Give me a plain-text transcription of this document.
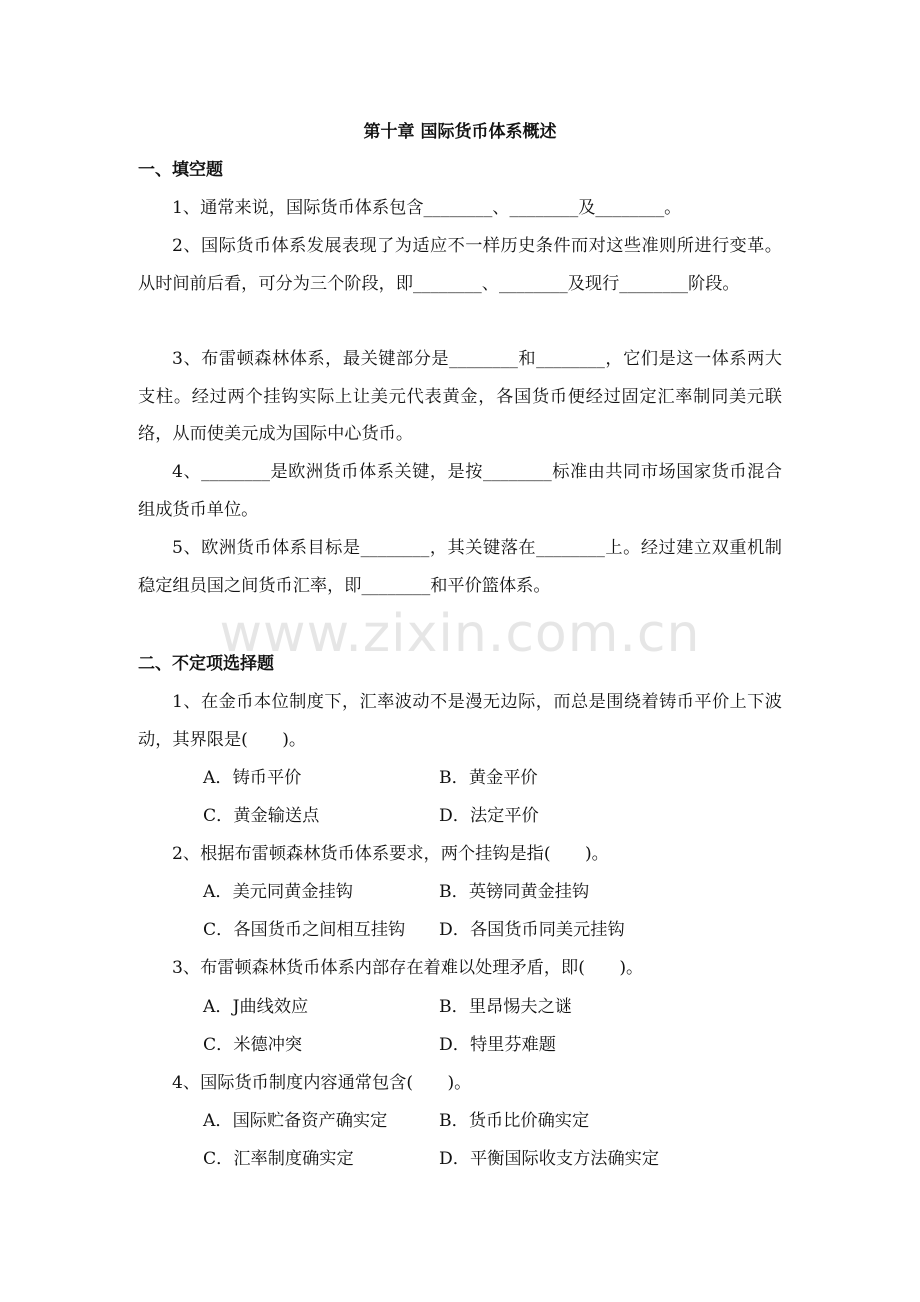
第十章 国际货币体系概述
一、填空题

1、通常来说，国际货币体系包含________、________及________。

2、国际货币体系发展表现了为适应不一样历史条件而对这些准则所进行变革。从时间前后看，可分为三个阶段，即________、________及现行________阶段。

3、布雷顿森林体系，最关键部分是________和________，它们是这一体系两大支柱。经过两个挂钩实际上让美元代表黄金，各国货币便经过固定汇率制同美元联络，从而使美元成为国际中心货币。

4、________是欧洲货币体系关键，是按________标准由共同市场国家货币混合组成货币单位。

5、欧洲货币体系目标是________，其关键落在________上。经过建立双重机制稳定组员国之间货币汇率，即________和平价篮体系。

www.zixin.com.cn
二、不定项选择题

1、在金币本位制度下，汇率波动不是漫无边际，而总是围绕着铸币平价上下波动，其界限是(　　)。

A．铸币平价	B．黄金平价
C．黄金输送点	D．法定平价

2、根据布雷顿森林货币体系要求，两个挂钩是指(　　)。

A．美元同黄金挂钩	B．英镑同黄金挂钩
C．各国货币之间相互挂钩 D．各国货币同美元挂钩

3、布雷顿森林货币体系内部存在着难以处理矛盾，即(　　)。

A．J曲线效应	B．里昂惕夫之谜
C．米德冲突	D．特里芬难题

4、国际货币制度内容通常包含(　　)。

A．国际贮备资产确实定	B．货币比价确实定
C．汇率制度确实定	D．平衡国际收支方法确实定
